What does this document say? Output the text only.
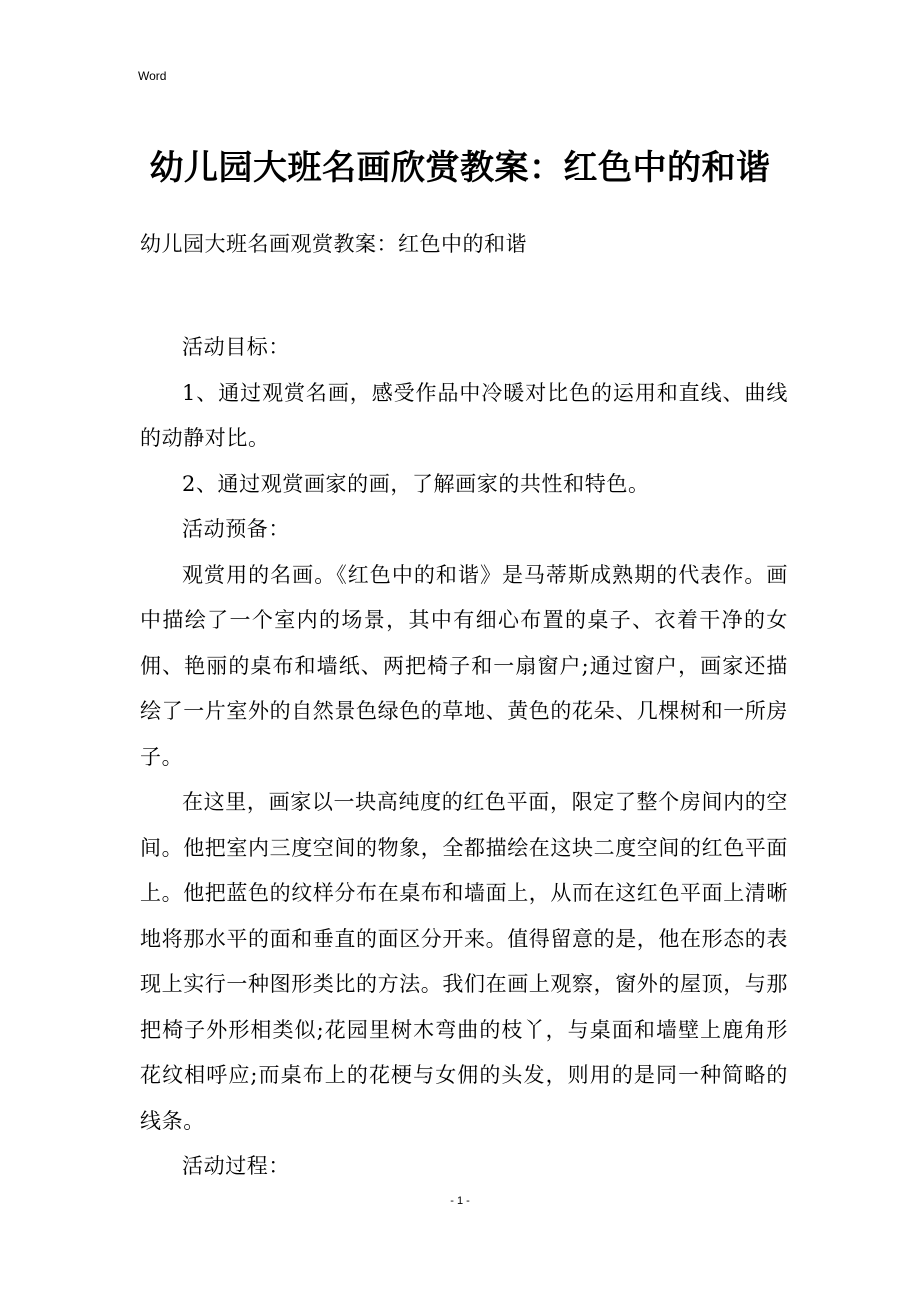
Word
幼儿园大班名画欣赏教案：红色中的和谐
幼儿园大班名画观赏教案：红色中的和谐

活动目标：

1、通过观赏名画，感受作品中冷暖对比色的运用和直线、曲线的动静对比。

2、通过观赏画家的画，了解画家的共性和特色。

活动预备：

观赏用的名画。《红色中的和谐》是马蒂斯成熟期的代表作。画中描绘了一个室内的场景，其中有细心布置的桌子、衣着干净的女佣、艳丽的桌布和墙纸、两把椅子和一扇窗户;通过窗户，画家还描绘了一片室外的自然景色绿色的草地、黄色的花朵、几棵树和一所房子。

在这里，画家以一块高纯度的红色平面，限定了整个房间内的空间。他把室内三度空间的物象，全都描绘在这块二度空间的红色平面上。他把蓝色的纹样分布在桌布和墙面上，从而在这红色平面上清晰地将那水平的面和垂直的面区分开来。值得留意的是，他在形态的表现上实行一种图形类比的方法。我们在画上观察，窗外的屋顶，与那把椅子外形相类似;花园里树木弯曲的枝丫，与桌面和墙壁上鹿角形花纹相呼应;而桌布上的花梗与女佣的头发，则用的是同一种简略的线条。

活动过程：

- 1 -
